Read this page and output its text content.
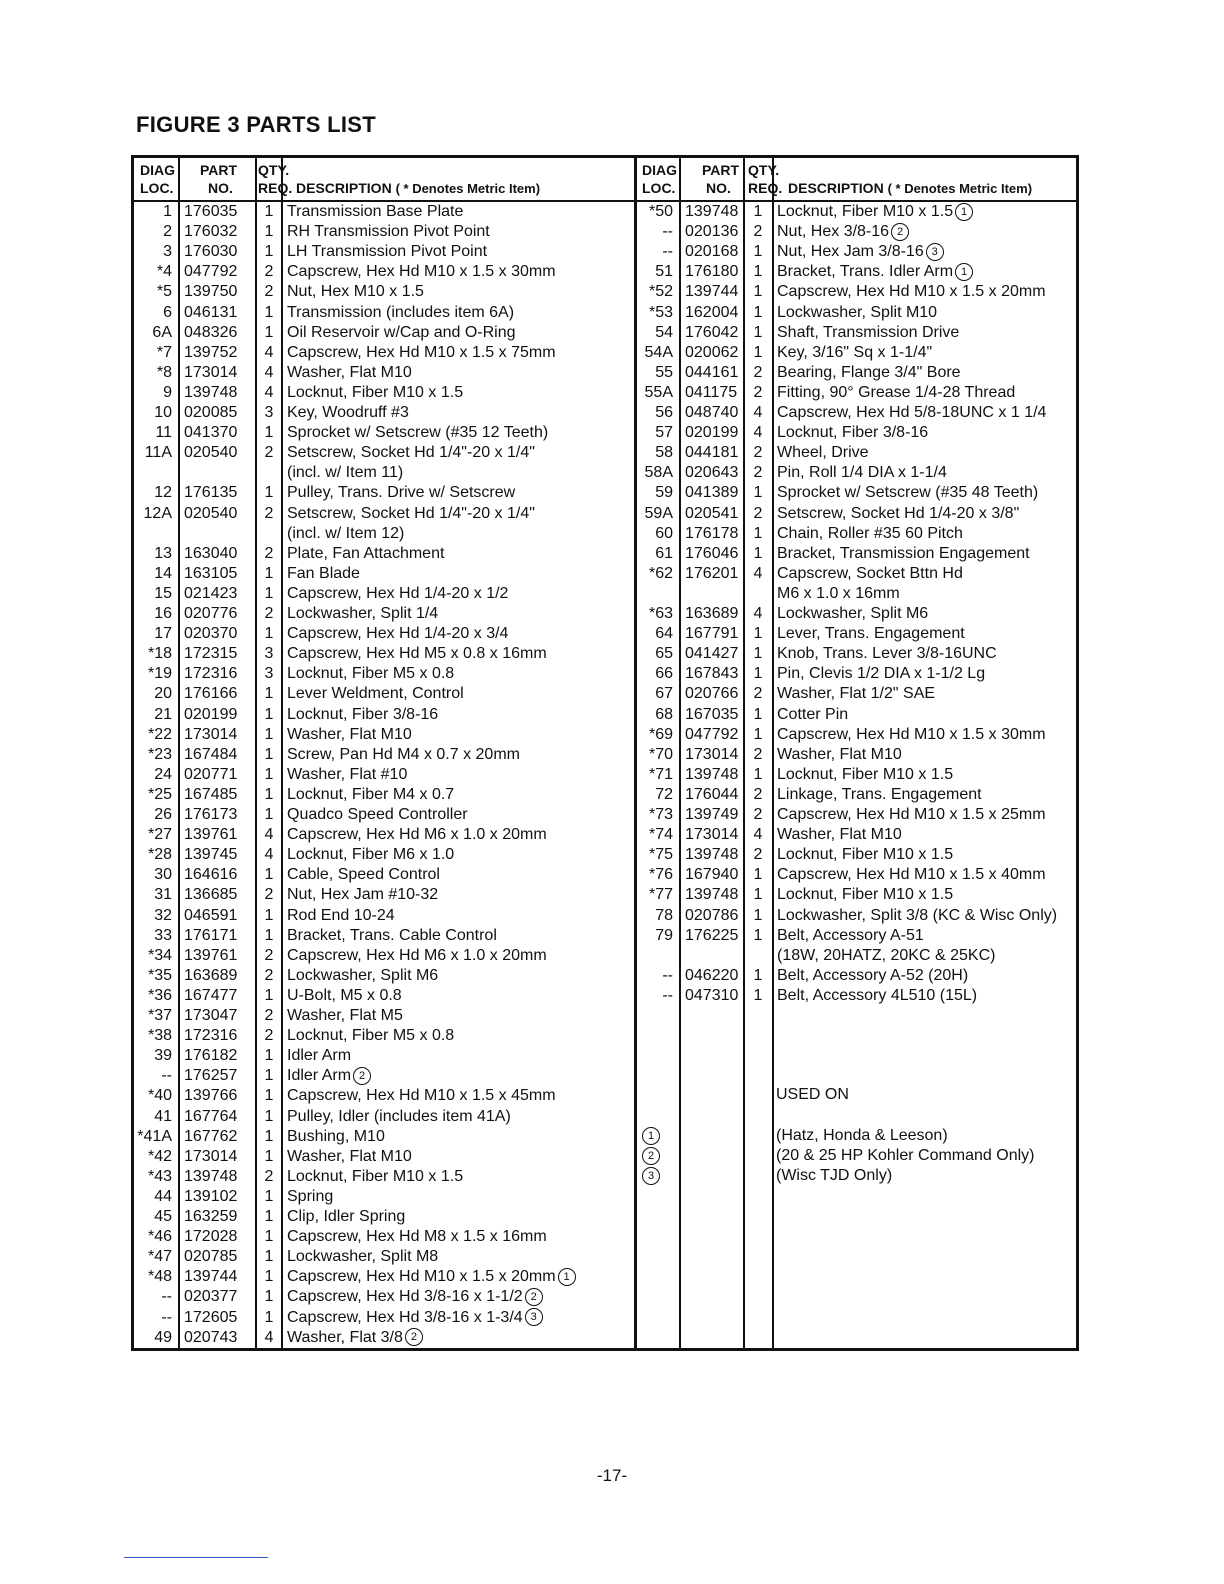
FIGURE 3 PARTS LIST
DIAG PART QTY.
LOC. NO. REQ. DESCRIPTION ( * Denotes Metric Item)
DIAG PART QTY.
LOC. NO. REQ. DESCRIPTION ( * Denotes Metric Item)
1 176035	1 Transmission Base Plate
2 176032	1 RH Transmission Pivot Point
3 176030	1 LH Transmission Pivot Point
*4 047792	2 Capscrew, Hex Hd M10 x 1.5 x 30mm
*5 139750	2 Nut, Hex M10 x 1.5
6 046131	1 Transmission (includes item 6A)
6A 048326	1 Oil Reservoir w/Cap and O-Ring
*7 139752	4 Capscrew, Hex Hd M10 x 1.5 x 75mm
*8 173014	4 Washer, Flat M10
9 139748	4 Locknut, Fiber M10 x 1.5
10 020085	3 Key, Woodruff #3
11 041370	1 Sprocket w/ Setscrew (#35 12 Teeth)
11A 020540	2 Setscrew, Socket Hd 1/4"-20 x 1/4"
(incl. w/ Item 11)
12 176135	1 Pulley, Trans. Drive w/ Setscrew
12A 020540	2 Setscrew, Socket Hd 1/4"-20 x 1/4"
(incl. w/ Item 12)
13 163040	2 Plate, Fan Attachment
14 163105	1 Fan Blade
15 021423	1 Capscrew, Hex Hd 1/4-20 x 1/2
16 020776	2 Lockwasher, Split 1/4
17 020370	1 Capscrew, Hex Hd 1/4-20 x 3/4
*18 172315	3 Capscrew, Hex Hd M5 x 0.8 x 16mm
*19 172316	3 Locknut, Fiber M5 x 0.8
20 176166	1 Lever Weldment, Control
21 020199	1 Locknut, Fiber 3/8-16
*22 173014	1 Washer, Flat M10
*23 167484	1 Screw, Pan Hd M4 x 0.7 x 20mm
24 020771	1 Washer, Flat #10
*25 167485	1 Locknut, Fiber M4 x 0.7
26 176173	1 Quadco Speed Controller
*27 139761	4 Capscrew, Hex Hd M6 x 1.0 x 20mm
*28 139745	4 Locknut, Fiber M6 x 1.0
30 164616	1 Cable, Speed Control
31 136685	2 Nut, Hex Jam #10-32
32 046591	1 Rod End 10-24
33 176171	1 Bracket, Trans. Cable Control
*34 139761	2 Capscrew, Hex Hd M6 x 1.0 x 20mm
*35 163689	2 Lockwasher, Split M6
*36 167477	1 U-Bolt, M5 x 0.8
*37 173047	2 Washer, Flat M5
*38 172316	2 Locknut, Fiber M5 x 0.8
39 176182	1 Idler Arm
-- 176257	1 Idler Arm 2
*40 139766	1 Capscrew, Hex Hd M10 x 1.5 x 45mm
41 167764	1 Pulley, Idler (includes item 41A)
*41A 167762	1 Bushing, M10
*42 173014	1 Washer, Flat M10
*43 139748	2 Locknut, Fiber M10 x 1.5
44 139102	1 Spring
45 163259	1 Clip, Idler Spring
*46 172028	1 Capscrew, Hex Hd M8 x 1.5 x 16mm
*47 020785	1 Lockwasher, Split M8
*48 139744	1 Capscrew, Hex Hd M10 x 1.5 x 20mm 1
-- 020377	1 Capscrew, Hex Hd 3/8-16 x 1-1/2 2
-- 172605	1 Capscrew, Hex Hd 3/8-16 x 1-3/4 3
49 020743	4 Washer, Flat 3/8 2
*50 139748 1 Locknut, Fiber M10 x 1.5 1
-- 020136 2 Nut, Hex 3/8-16 2
-- 020168 1 Nut, Hex Jam 3/8-16 3
51 176180 1 Bracket, Trans. Idler Arm 1
*52 139744 1 Capscrew, Hex Hd M10 x 1.5 x 20mm
*53 162004 1 Lockwasher, Split M10
54 176042 1 Shaft, Transmission Drive
54A 020062 1 Key, 3/16" Sq x 1-1/4"
55 044161 2 Bearing, Flange 3/4" Bore
55A 041175	2 Fitting, 90° Grease 1/4-28 Thread
56 048740 4 Capscrew, Hex Hd 5/8-18UNC x 1 1/4
57 020199 4 Locknut, Fiber 3/8-16
58 044181 2 Wheel, Drive
58A 020643 2 Pin, Roll 1/4 DIA x 1-1/4
59 041389 1 Sprocket w/ Setscrew (#35 48 Teeth)
59A 020541 2 Setscrew, Socket Hd 1/4-20 x 3/8"
60 176178 1 Chain, Roller #35 60 Pitch
61 176046 1 Bracket, Transmission Engagement
*62 176201 4 Capscrew, Socket Bttn Hd
M6 x 1.0 x 16mm
*63 163689 4 Lockwasher, Split M6
64 167791 1 Lever, Trans. Engagement
65 041427 1 Knob, Trans. Lever 3/8-16UNC
66 167843 1 Pin, Clevis 1/2 DIA x 1-1/2 Lg
67 020766 2 Washer, Flat 1/2" SAE
68 167035 1 Cotter Pin
*69 047792 1 Capscrew, Hex Hd M10 x 1.5 x 30mm
*70 173014 2 Washer, Flat M10
*71 139748 1 Locknut, Fiber M10 x 1.5
72 176044 2 Linkage, Trans. Engagement
*73 139749 2 Capscrew, Hex Hd M10 x 1.5 x 25mm
*74 173014 4 Washer, Flat M10
*75 139748 2 Locknut, Fiber M10 x 1.5
*76 167940 1 Capscrew, Hex Hd M10 x 1.5 x 40mm
*77 139748 1 Locknut, Fiber M10 x 1.5
78 020786 1 Lockwasher, Split 3/8 (KC & Wisc Only)
79 176225 1 Belt, Accessory A-51
(18W, 20HATZ, 20KC & 25KC)
-- 046220 1 Belt, Accessory A-52 (20H)
-- 047310 1 Belt, Accessory 4L510 (15L)
USED ON
1	(Hatz, Honda & Leeson)
2	(20 & 25 HP Kohler Command Only)
3	(Wisc TJD Only)
-17-
